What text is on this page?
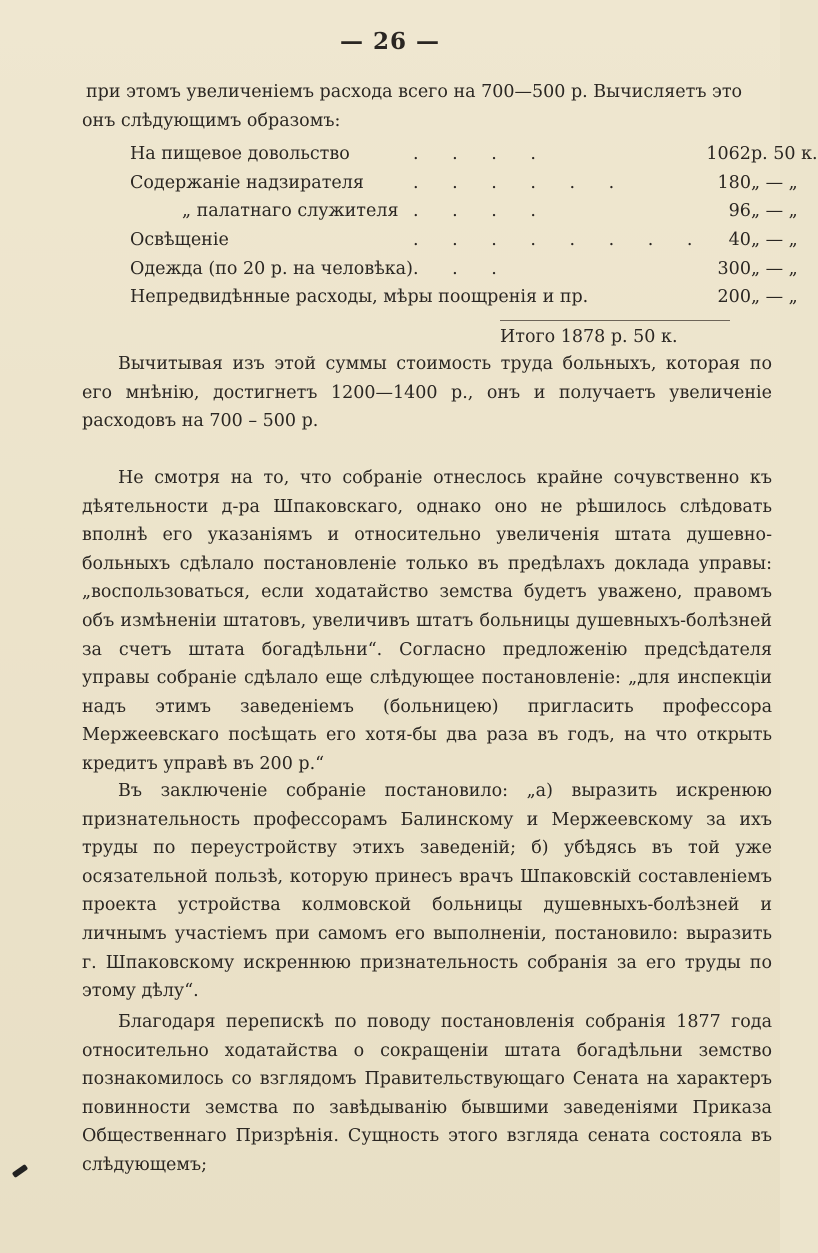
— 26 —

при этомъ увеличеніемъ расхода всего на 700—500 р. Вычисляетъ это

онъ слѣдующимъ образомъ:

На пищевое довольство	. . . .	1062	р. 50 к.
Содержаніе надзирателя	. . . . . .	180	„ — „
„ палатнаго служителя	. . . .	96	„ — „
Освѣщеніе	. . . . . . . .	40	„ — „
Одежда (по 20 р. на человѣка)	. . .	300	„ — „
Непредвидѣнные расходы, мѣры поощренія и пр.		200	„ — „
Итого 1878 р. 50 к.

Вычитывая изъ этой суммы стоимость труда больныхъ, которая по его мнѣнію, достигнетъ 1200—1400 р., онъ и получаетъ увеличеніе расходовъ на 700 – 500 р.

Не смотря на то, что собраніе отнеслось крайне сочувственно къ дѣятельности д-ра Шпаковскаго, однако оно не рѣшилось слѣдовать вполнѣ его указаніямъ и относительно увеличенія штата душевно-больныхъ сдѣлало постановленіе только въ предѣлахъ доклада управы: „воспользоваться, если ходатайство земства будетъ уважено, правомъ объ измѣненіи штатовъ, увеличивъ штатъ больницы душевныхъ-болѣзней за счетъ штата богадѣльни“. Согласно предложенію предсѣдателя управы собраніе сдѣлало еще слѣдующее постановленіе: „для инспекціи надъ этимъ заведеніемъ (больницею) пригласить профессора Мержеевскаго посѣщать его хотя-бы два раза въ годъ, на что открыть кредитъ управѣ въ 200 р.“

Въ заключеніе собраніе постановило: „а) выразить искренюю признательность профессорамъ Балинскому и Мержеевскому за ихъ труды по переустройству этихъ заведеній; б) убѣдясь въ той уже осязательной пользѣ, которую принесъ врачъ Шпаковскій составленіемъ проекта устройства колмовской больницы душевныхъ-болѣзней и личнымъ участіемъ при самомъ его выполненіи, постановило: выразить г. Шпаковскому искреннюю признательность собранія за его труды по этому дѣлу“.

Благодаря перепискѣ по поводу постановленія собранія 1877 года относительно ходатайства о сокращеніи штата богадѣльни земство познакомилось со взглядомъ Правительствующаго Сената на характеръ повинности земства по завѣдыванію бывшими заведеніями Приказа Общественнаго Призрѣнія. Сущность этого взгляда сената состояла въ слѣдующемъ;
